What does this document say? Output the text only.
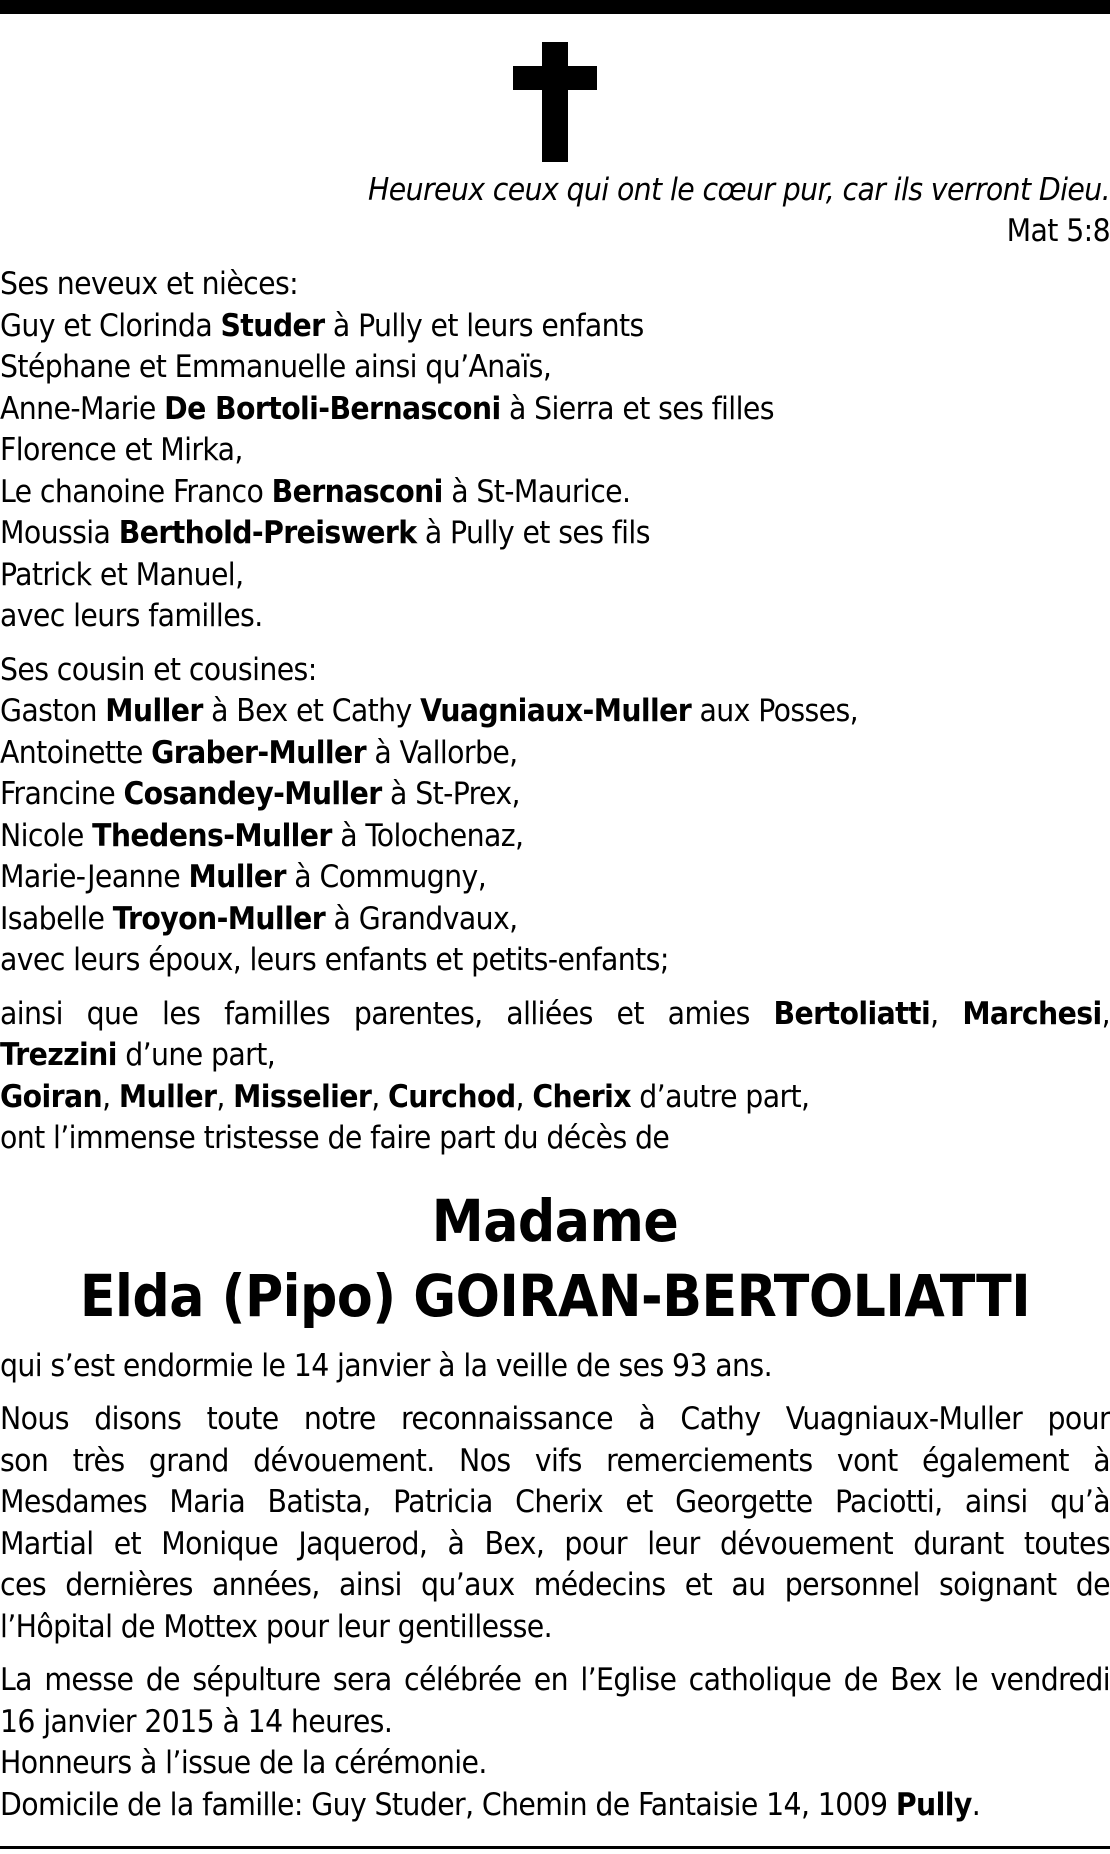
Heureux ceux qui ont le cœur pur, car ils verront Dieu.
Mat 5:8
Ses neveux et nièces:
Guy et Clorinda Studer à Pully et leurs enfants
Stéphane et Emmanuelle ainsi qu’Anaïs,
Anne-Marie De Bortoli-Bernasconi à Sierra et ses filles
Florence et Mirka,
Le chanoine Franco Bernasconi à St-Maurice.
Moussia Berthold-Preiswerk à Pully et ses fils
Patrick et Manuel,
avec leurs familles.
Ses cousin et cousines:
Gaston Muller à Bex et Cathy Vuagniaux-Muller aux Posses,
Antoinette Graber-Muller à Vallorbe,
Francine Cosandey-Muller à St-Prex,
Nicole Thedens-Muller à Tolochenaz,
Marie-Jeanne Muller à Commugny,
Isabelle Troyon-Muller à Grandvaux,
avec leurs époux, leurs enfants et petits-enfants;
ainsi que les familles parentes, alliées et amies Bertoliatti, Marchesi,
Trezzini d’une part,
Goiran, Muller, Misselier, Curchod, Cherix d’autre part,
ont l’immense tristesse de faire part du décès de
Madame
Elda (Pipo) GOIRAN-BERTOLIATTI
qui s’est endormie le 14 janvier à la veille de ses 93 ans.
Nous disons toute notre reconnaissance à Cathy Vuagniaux-Muller pour
son très grand dévouement. Nos vifs remerciements vont également à
Mesdames Maria Batista, Patricia Cherix et Georgette Paciotti, ainsi qu’à
Martial et Monique Jaquerod, à Bex, pour leur dévouement durant toutes
ces dernières années, ainsi qu’aux médecins et au personnel soignant de
l’Hôpital de Mottex pour leur gentillesse.
La messe de sépulture sera célébrée en l’Eglise catholique de Bex le vendredi
16 janvier 2015 à 14 heures.
Honneurs à l’issue de la cérémonie.
Domicile de la famille: Guy Studer, Chemin de Fantaisie 14, 1009 Pully.
